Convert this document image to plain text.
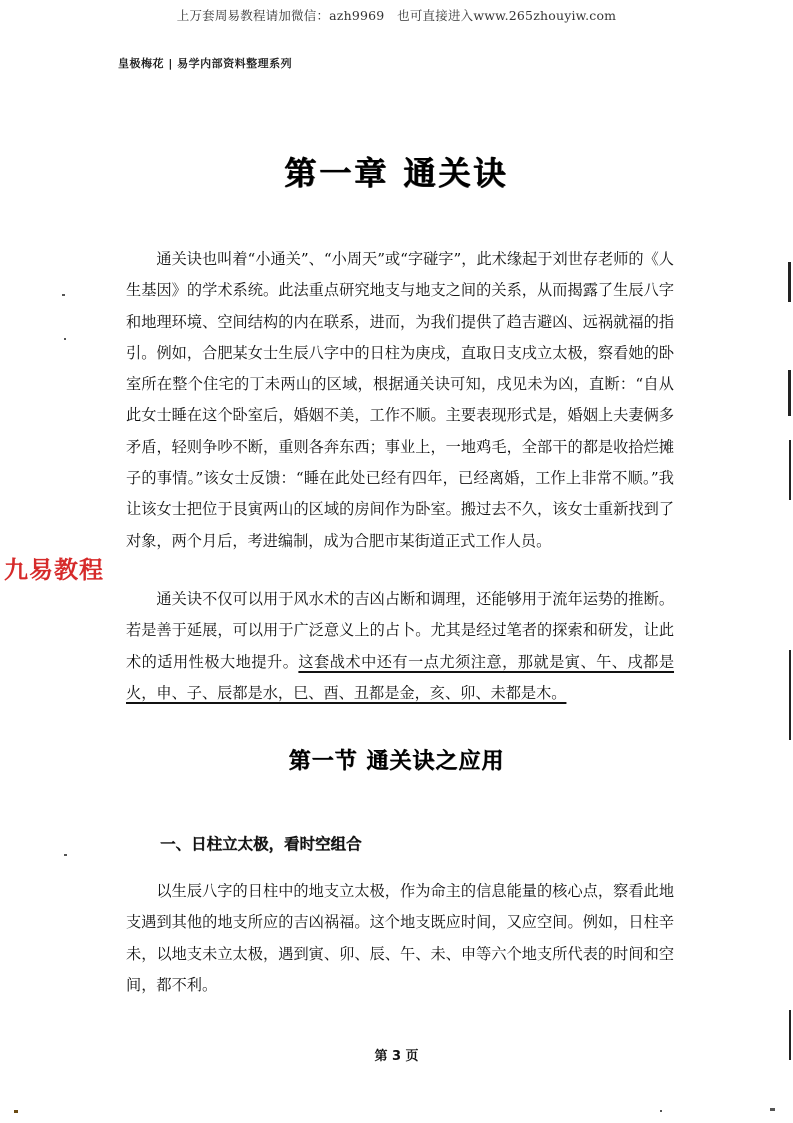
上万套周易教程请加微信：azh9969　也可直接进入www.265zhouyiw.com
皇极梅花 | 易学内部资料整理系列
第一章 通关诀

通关诀也叫着“小通关”、“小周天”或“字碰字”，此术缘起于刘世存老师的《人生基因》的学术系统。此法重点研究地支与地支之间的关系，从而揭露了生辰八字和地理环境、空间结构的内在联系，进而，为我们提供了趋吉避凶、远祸就福的指引。例如，合肥某女士生辰八字中的日柱为庚戌，直取日支戌立太极，察看她的卧室所在整个住宅的丁未两山的区域，根据通关诀可知，戌见未为凶，直断：“自从此女士睡在这个卧室后，婚姻不美，工作不顺。主要表现形式是，婚姻上夫妻俩多矛盾，轻则争吵不断，重则各奔东西；事业上，一地鸡毛，全部干的都是收拾烂摊子的事情。”该女士反馈：“睡在此处已经有四年，已经离婚，工作上非常不顺。”我让该女士把位于艮寅两山的区域的房间作为卧室。搬过去不久，该女士重新找到了对象，两个月后，考进编制，成为合肥市某街道正式工作人员。

通关诀不仅可以用于风水术的吉凶占断和调理，还能够用于流年运势的推断。若是善于延展，可以用于广泛意义上的占卜。尤其是经过笔者的探索和研发，让此术的适用性极大地提升。这套战术中还有一点尤须注意，那就是寅、午、戌都是火，申、子、辰都是水，巳、酉、丑都是金，亥、卯、未都是木。

第一节 通关诀之应用
一、日柱立太极，看时空组合

以生辰八字的日柱中的地支立太极，作为命主的信息能量的核心点，察看此地支遇到其他的地支所应的吉凶祸福。这个地支既应时间，又应空间。例如，日柱辛未，以地支未立太极，遇到寅、卯、辰、午、未、申等六个地支所代表的时间和空间，都不利。

第 3 页
九易教程
